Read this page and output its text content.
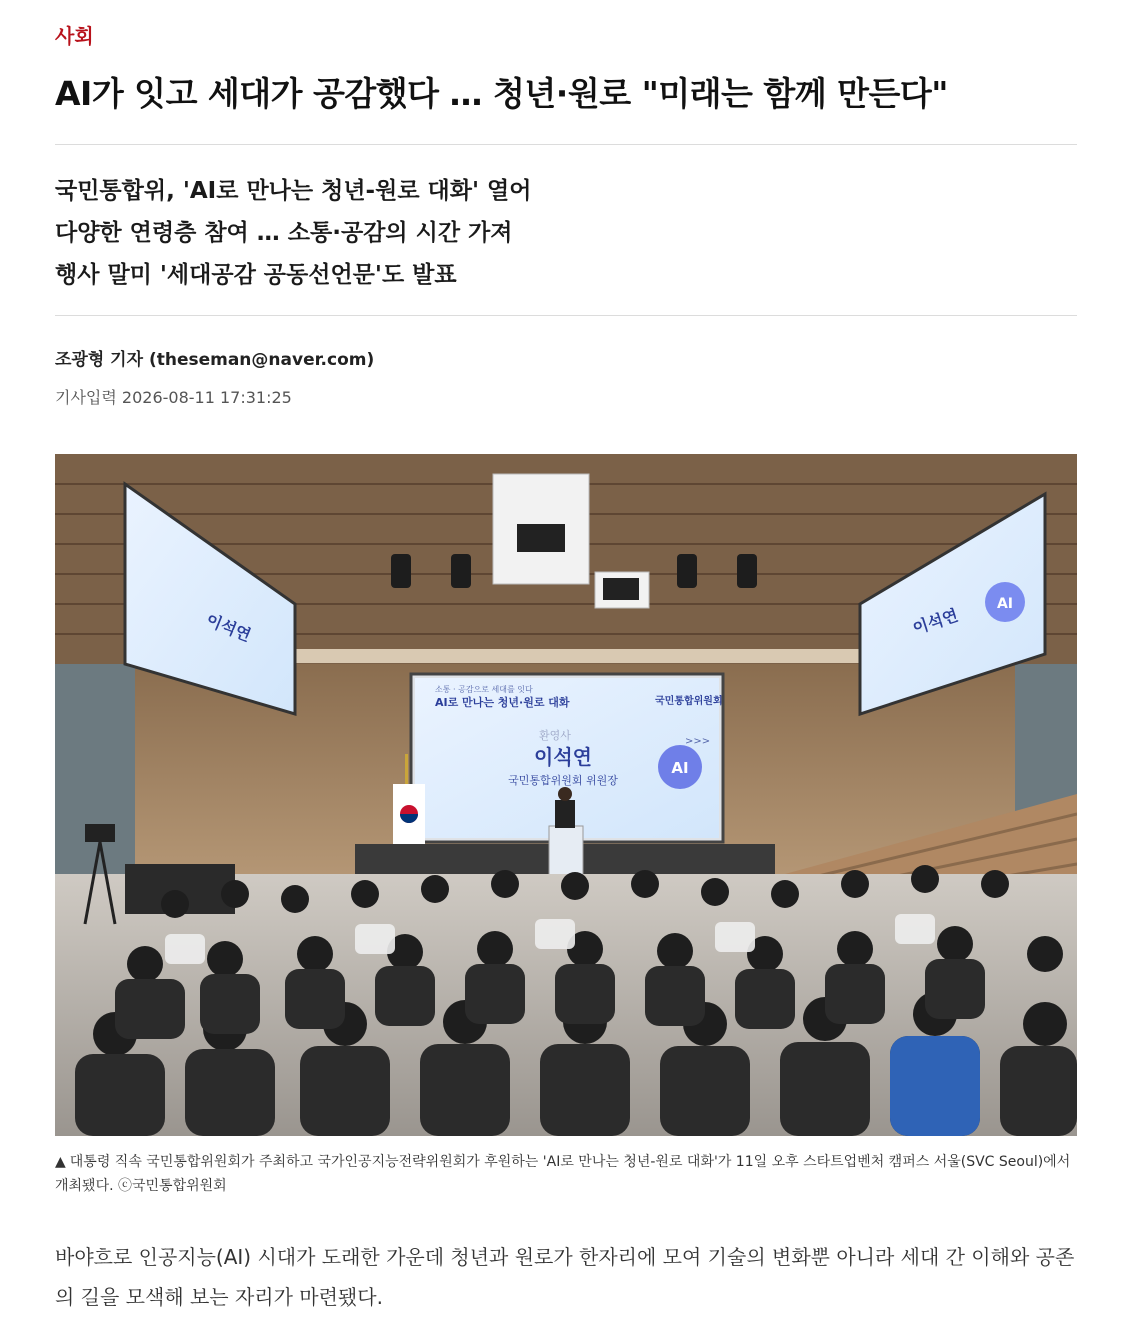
사회
AI가 잇고 세대가 공감했다 … 청년·원로 "미래는 함께 만든다"
국민통합위, 'AI로 만나는 청년-원로 대화' 열어
다양한 연령층 참여 … 소통·공감의 시간 가져
행사 말미 '세대공감 공동선언문'도 발표
조광형 기자 (theseman@naver.com)
기사입력 2026-08-11 17:31:25
이석연	이석연
AI
소통 · 공감으로 세대를 잇다
AI로 만나는 청년·원로 대화	국민통합위원회
환영사
이석연
국민통합위원회 위원장
>>>
AI
▲ 대통령 직속 국민통합위원회가 주최하고 국가인공지능전략위원회가 후원하는 'AI로 만나는 청년-원로 대화'가 11일 오후 스타트업벤처 캠퍼스 서울(SVC Seoul)에서 개최됐다. ⓒ국민통합위원회
바야흐로 인공지능(AI) 시대가 도래한 가운데 청년과 원로가 한자리에 모여 기술의 변화뿐 아니라 세대 간 이해와 공존의 길을 모색해 보는 자리가 마련됐다.
